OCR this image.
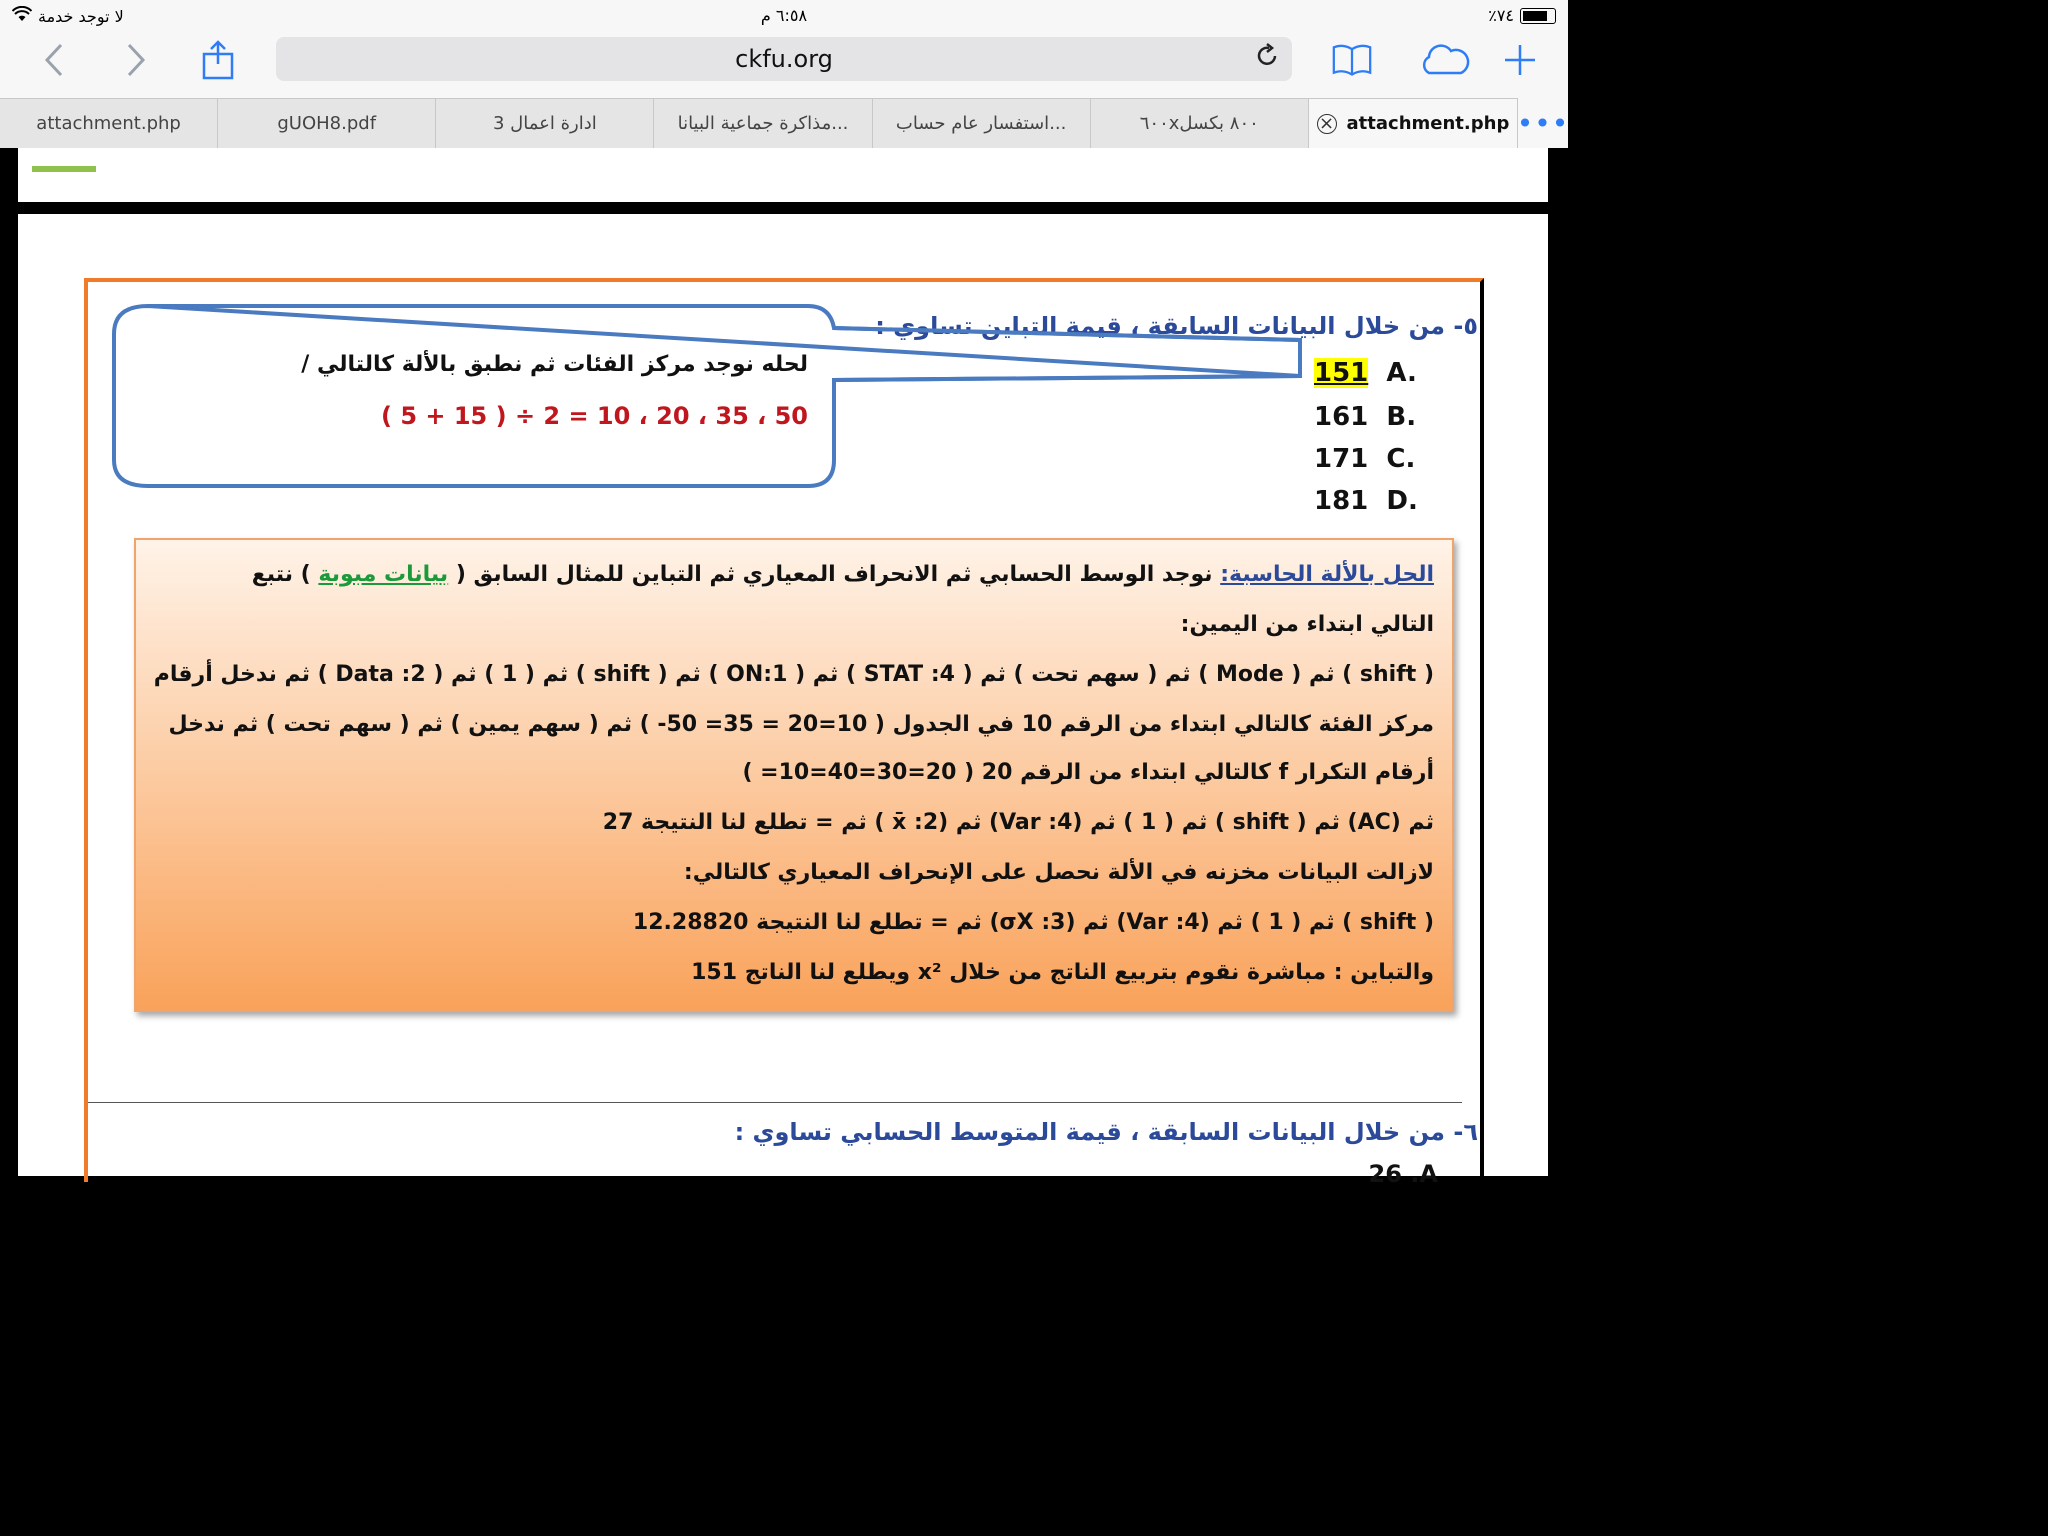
لا توجد خدمة	٦:٥٨ م	٪٧٤
ckfu.org
attachment.php	gUOH8.pdf	ادارة اعمال 3	مذاكرة جماعية البيانا...	استفسار عام حساب...	٦٠٠x٨٠٠ بكسل	× attachment.php •••
٥- من خلال البيانات السابقة ، قيمة التباين تساوي :
151 A.
161 B.
171 C.
181 D.
لحله نوجد مركز الفئات ثم نطبق بالألة كالتالي /
( 5 + 15 ) ÷ 2 = 10 ، 20 ، 35 ، 50
الحل بالألة الحاسبة: نوجد الوسط الحسابي ثم الانحراف المعياري ثم التباين للمثال السابق ( بيانات مبوبة ) نتبع
التالي ابتداء من اليمين:
( shift ) ثم ( Mode ) ثم ( سهم تحت ) ثم ( 4: STAT ) ثم ( 1:ON ) ثم ( shift ) ثم ( 1 ) ثم ( 2: Data ) ثم ندخل أرقام
مركز الفئة كالتالي ابتداء من الرقم 10 في الجدول ( 10=20 = 35= 50- ) ثم ( سهم يمين ) ثم ( سهم تحت ) ثم ندخل
أرقام التكرار f كالتالي ابتداء من الرقم 20 ( 20=30=40=10= )
ثم (AC) ثم ( shift ) ثم ( 1 ) ثم (4: Var) ثم (2: x̄ ) ثم = تطلع لنا النتيجة 27
لازالت البيانات مخزنه في الألة نحصل على الإنحراف المعياري كالتالي:
( shift ) ثم ( 1 ) ثم (4: Var) ثم (3: σX) ثم = تطلع لنا النتيجة 12.28820
والتباين : مباشرة نقوم بتربيع الناتج من خلال x² ويطلع لنا الناتج 151
٦- من خلال البيانات السابقة ، قيمة المتوسط الحسابي تساوي :
26 .A
